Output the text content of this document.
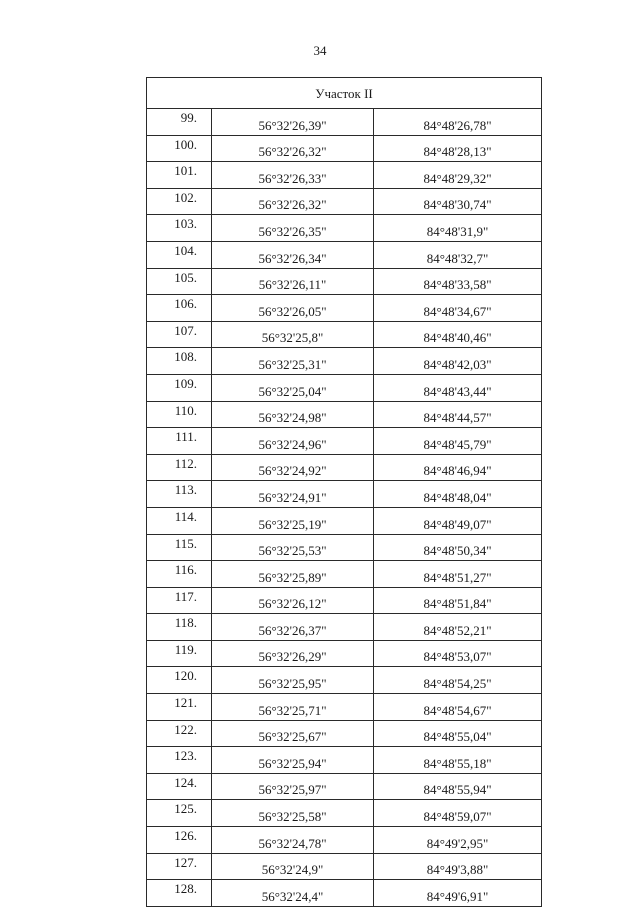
34
Участок II		
99.	56°32'26,39"	84°48'26,78"
100.	56°32'26,32"	84°48'28,13"
101.	56°32'26,33"	84°48'29,32"
102.	56°32'26,32"	84°48'30,74"
103.	56°32'26,35"	84°48'31,9"
104.	56°32'26,34"	84°48'32,7"
105.	56°32'26,11"	84°48'33,58"
106.	56°32'26,05"	84°48'34,67"
107.	56°32'25,8"	84°48'40,46"
108.	56°32'25,31"	84°48'42,03"
109.	56°32'25,04"	84°48'43,44"
110.	56°32'24,98"	84°48'44,57"
111.	56°32'24,96"	84°48'45,79"
112.	56°32'24,92"	84°48'46,94"
113.	56°32'24,91"	84°48'48,04"
114.	56°32'25,19"	84°48'49,07"
115.	56°32'25,53"	84°48'50,34"
116.	56°32'25,89"	84°48'51,27"
117.	56°32'26,12"	84°48'51,84"
118.	56°32'26,37"	84°48'52,21"
119.	56°32'26,29"	84°48'53,07"
120.	56°32'25,95"	84°48'54,25"
121.	56°32'25,71"	84°48'54,67"
122.	56°32'25,67"	84°48'55,04"
123.	56°32'25,94"	84°48'55,18"
124.	56°32'25,97"	84°48'55,94"
125.	56°32'25,58"	84°48'59,07"
126.	56°32'24,78"	84°49'2,95"
127.	56°32'24,9"	84°49'3,88"
128.	56°32'24,4"	84°49'6,91"
